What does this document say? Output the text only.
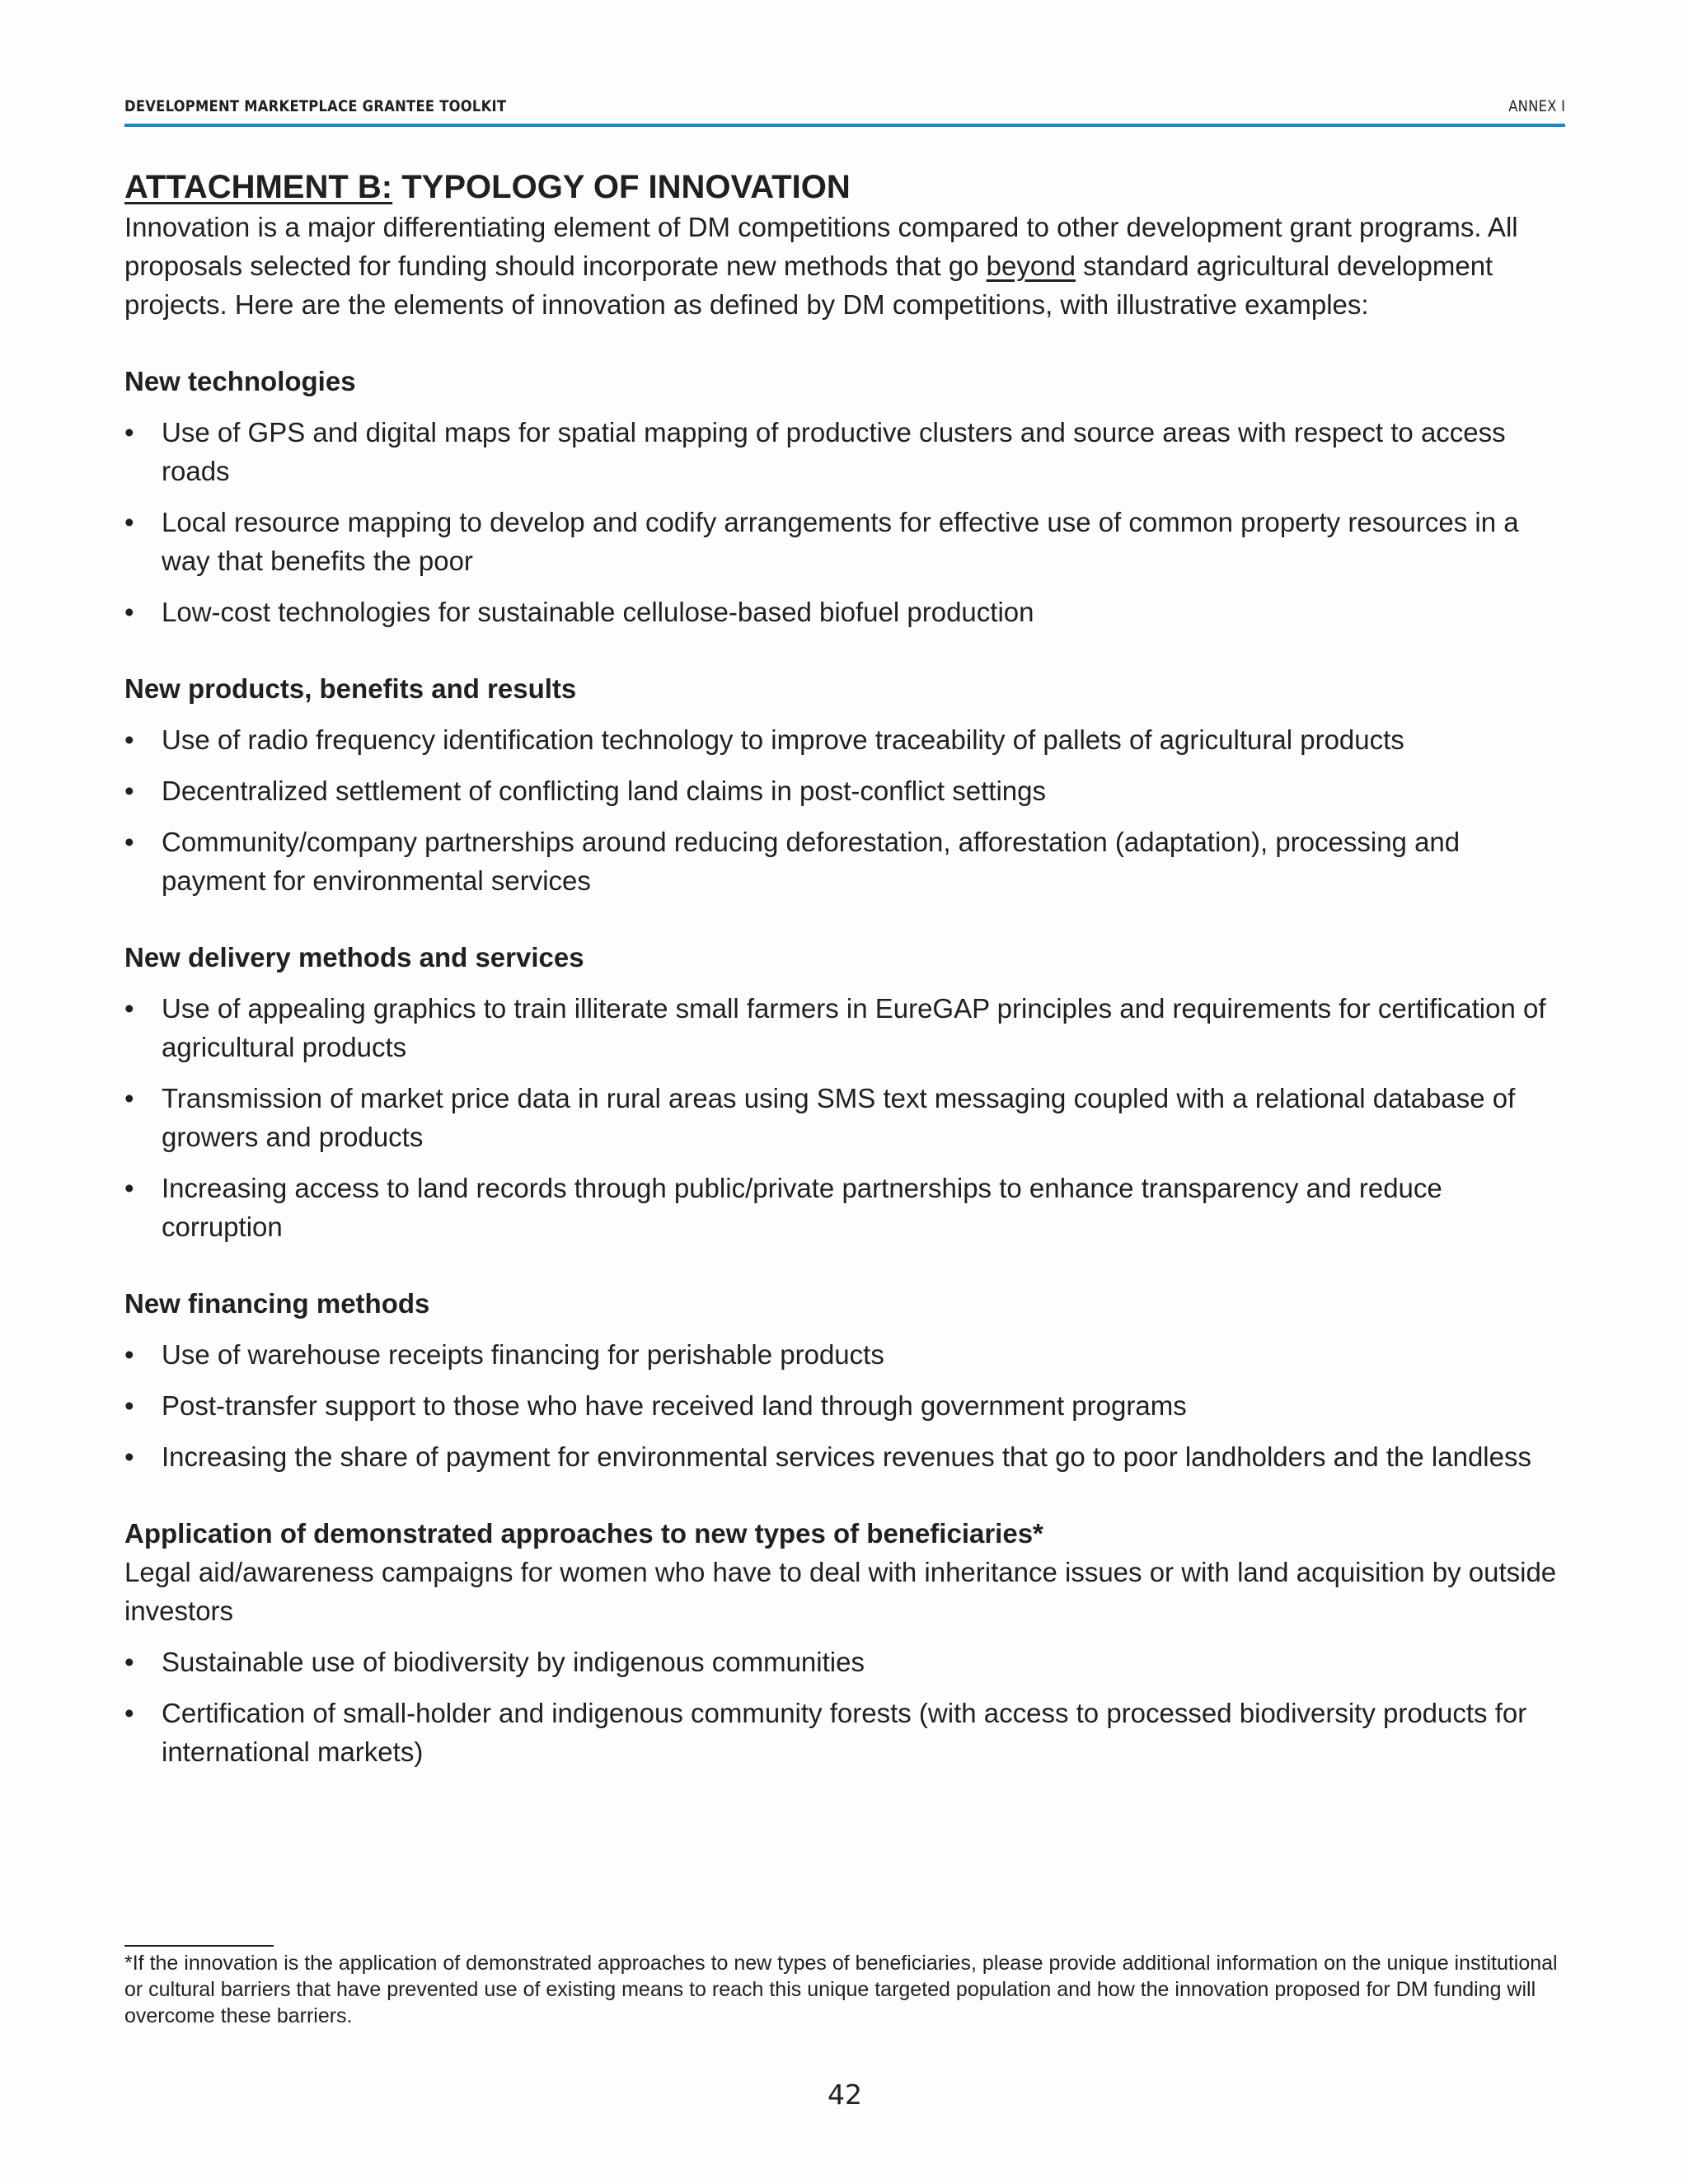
DEVELOPMENT MARKETPLACE GRANTEE TOOLKIT	ANNEX I
ATTACHMENT B: TYPOLOGY OF INNOVATION

Innovation is a major differentiating element of DM competitions compared to other development grant programs. All proposals selected for funding should incorporate new methods that go beyond standard agricultural development projects. Here are the elements of innovation as defined by DM competitions, with illustrative examples:

New technologies
• Use of GPS and digital maps for spatial mapping of productive clusters and source areas with respect to access roads
• Local resource mapping to develop and codify arrangements for effective use of common property resources in a way that benefits the poor
• Low-cost technologies for sustainable cellulose-based biofuel production
New products, benefits and results
• Use of radio frequency identification technology to improve traceability of pallets of agricultural products
• Decentralized settlement of conflicting land claims in post-conflict settings
• Community/company partnerships around reducing deforestation, afforestation (adaptation), processing and payment for environmental services
New delivery methods and services
• Use of appealing graphics to train illiterate small farmers in EureGAP principles and requirements for certification of agricultural products
• Transmission of market price data in rural areas using SMS text messaging coupled with a relational database of growers and products
• Increasing access to land records through public/private partnerships to enhance transparency and reduce corruption
New financing methods
• Use of warehouse receipts financing for perishable products
• Post-transfer support to those who have received land through government programs
• Increasing the share of payment for environmental services revenues that go to poor landholders and the landless
Application of demonstrated approaches to new types of beneficiaries*

Legal aid/awareness campaigns for women who have to deal with inheritance issues or with land acquisition by outside investors

• Sustainable use of biodiversity by indigenous communities
• Certification of small-holder and indigenous community forests (with access to processed biodiversity products for international markets)
*If the innovation is the application of demonstrated approaches to new types of beneficiaries, please provide additional information on the unique institutional or cultural barriers that have prevented use of existing means to reach this unique targeted population and how the innovation proposed for DM funding will overcome these barriers.
42
